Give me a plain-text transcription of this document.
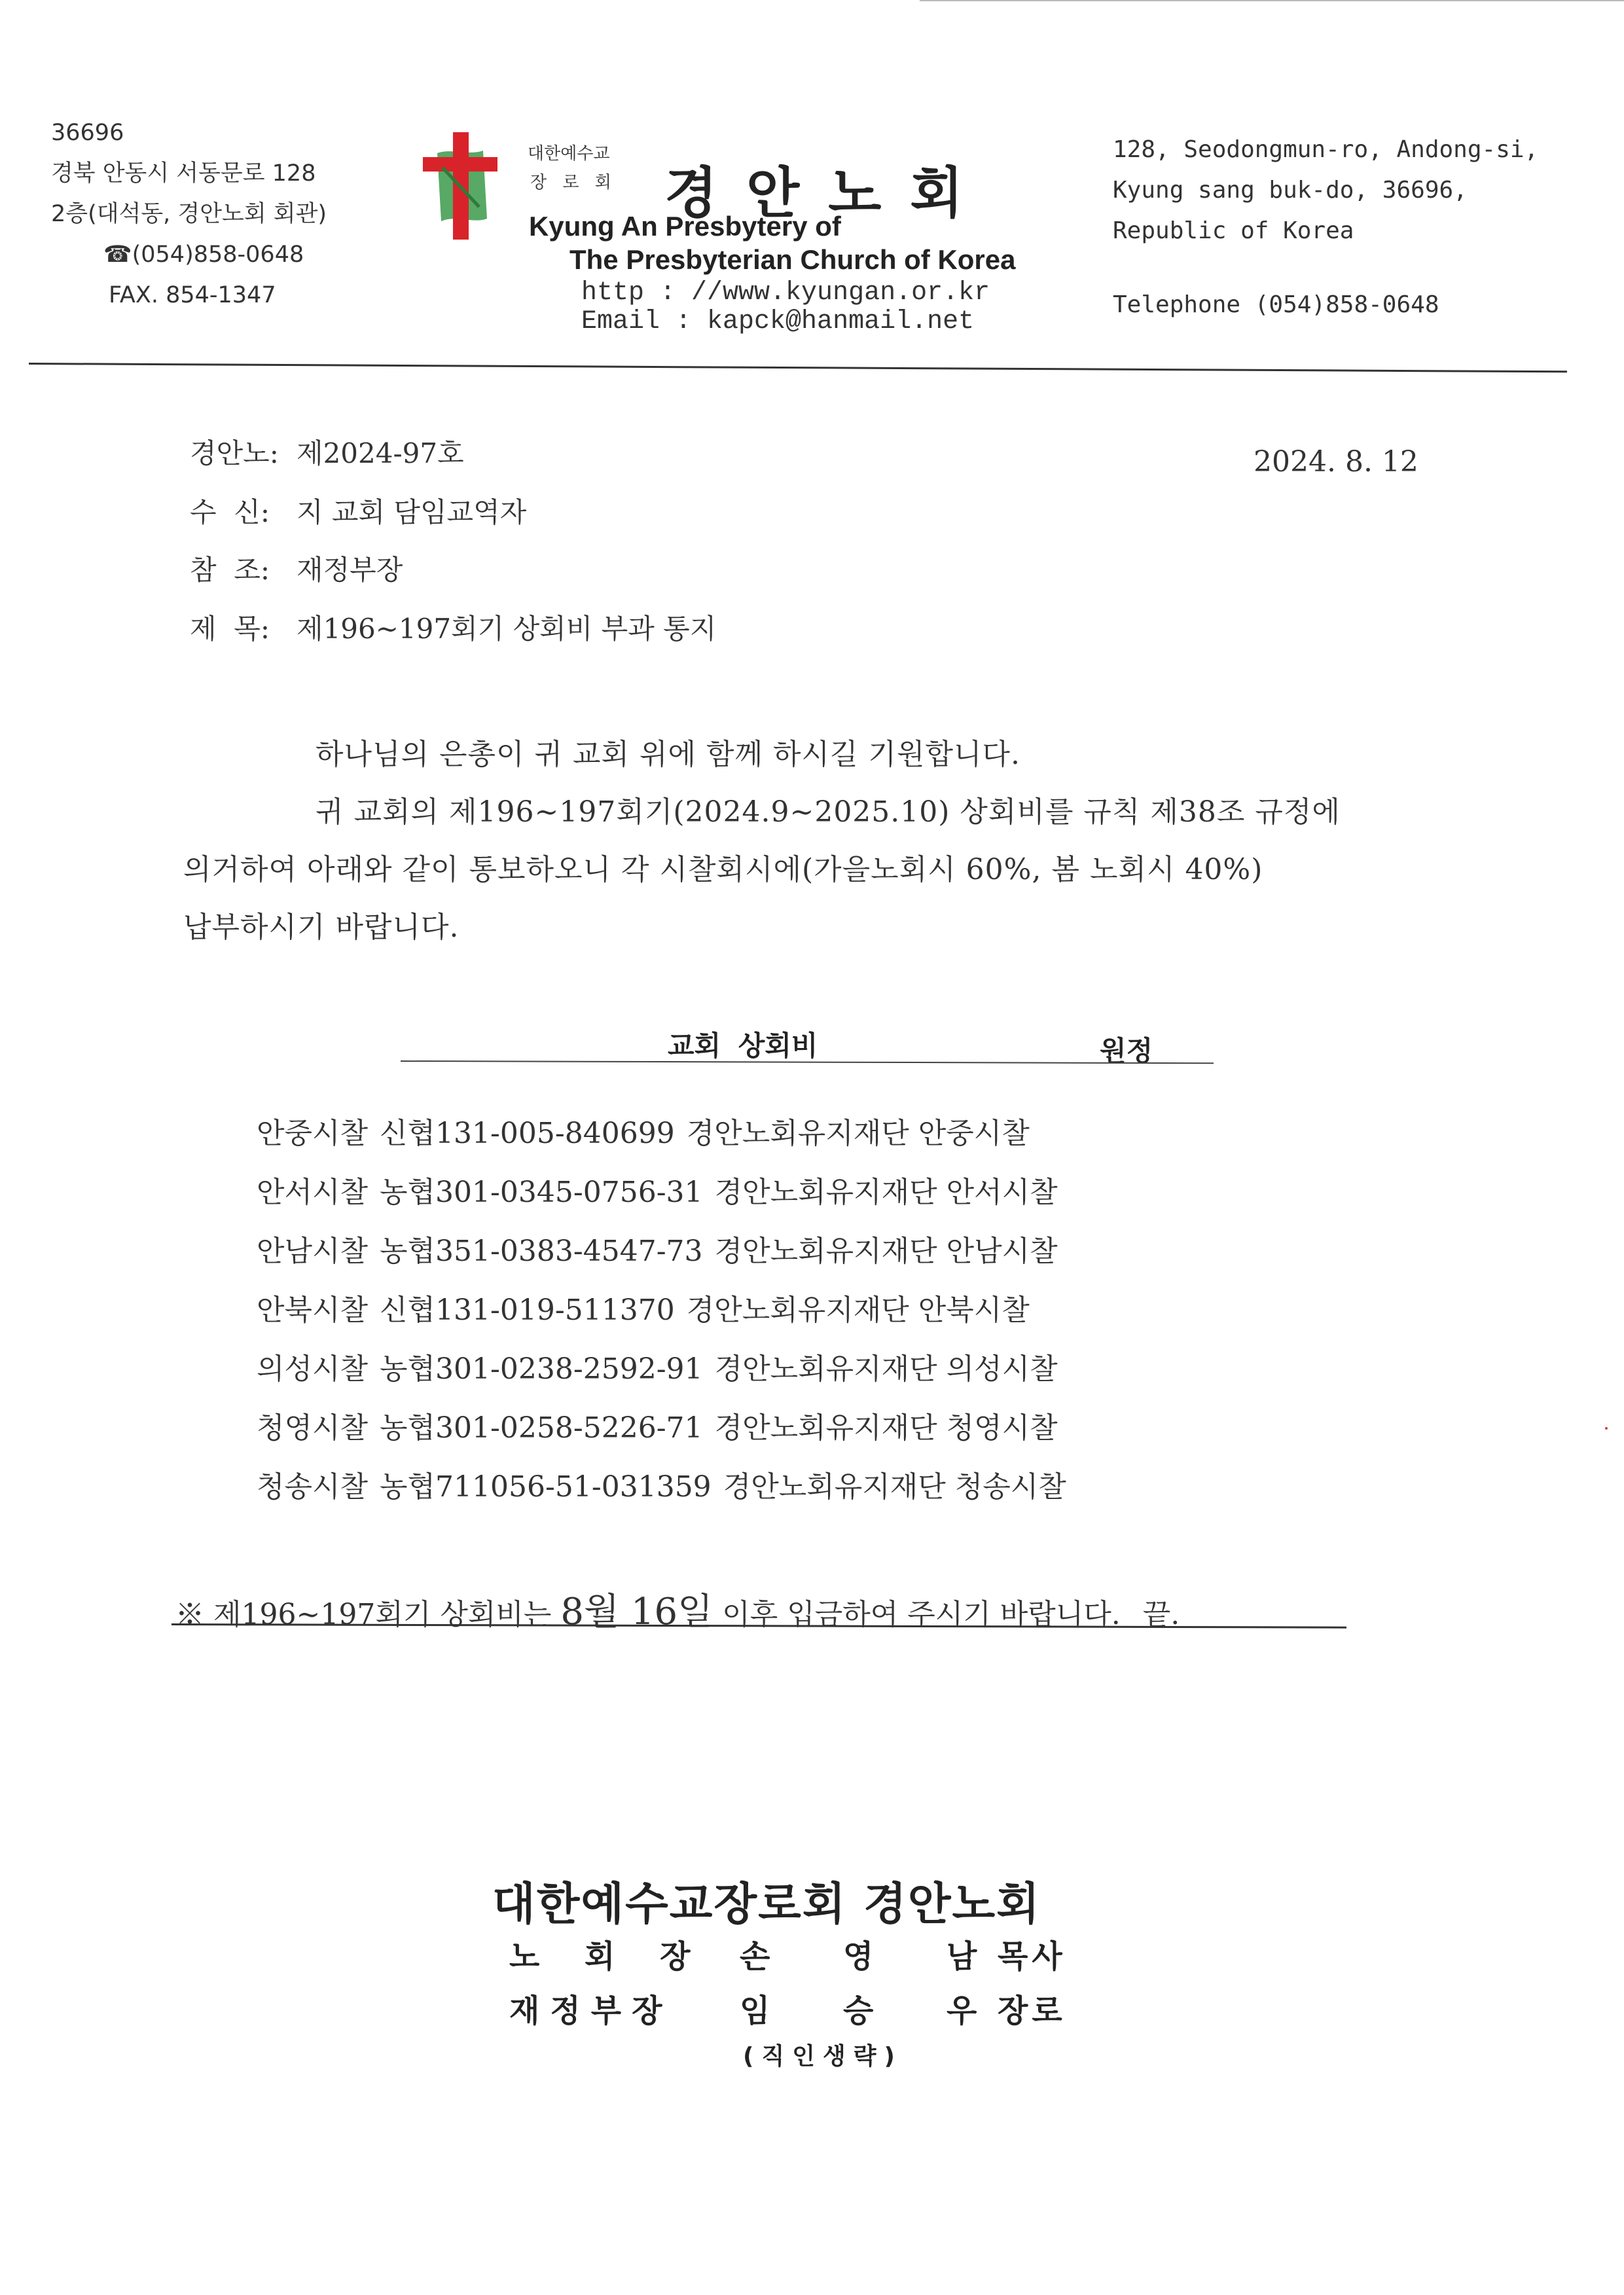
36696
경북 안동시 서동문로 128
2층(대석동, 경안노회 회관)
☎(054)858-0648
FAX. 854-1347
대한예수교
장 로 회 경안노회
Kyung An Presbytery of
The Presbyterian Church of Korea
http : //www.kyungan.or.kr
Email : kapck@hanmail.net
128, Seodongmun-ro, Andong-si,
Kyung sang buk-do, 36696,
Republic of Korea
Telephone (054)858-0648
경안노: 제2024-97호	2024. 8. 12
수  신: 지 교회 담임교역자
참  조: 재정부장
제  목: 제196~197회기 상회비 부과 통지
하나님의 은총이 귀 교회 위에 함께 하시길 기원합니다.
귀 교회의 제196~197회기(2024.9~2025.10) 상회비를 규칙 제38조 규정에
의거하여 아래와 같이 통보하오니 각 시찰회시에(가을노회시 60%, 봄 노회시 40%)
납부하시기 바랍니다.
교회 상회비	원정
안중시찰 신협131-005-840699 경안노회유지재단 안중시찰
안서시찰 농협301-0345-0756-31 경안노회유지재단 안서시찰
안남시찰 농협351-0383-4547-73 경안노회유지재단 안남시찰
안북시찰 신협131-019-511370 경안노회유지재단 안북시찰
의성시찰 농협301-0238-2592-91 경안노회유지재단 의성시찰
청영시찰 농협301-0258-5226-71 경안노회유지재단 청영시찰
청송시찰 농협711056-51-031359 경안노회유지재단 청송시찰
※ 제196~197회기 상회비는 8월 16일 이후 입금하여 주시기 바랍니다. 끝.
대한예수교장로회 경안노회
노 회 장 손 영 남 목사
재정부장 임 승 우 장로
(직인생략)
